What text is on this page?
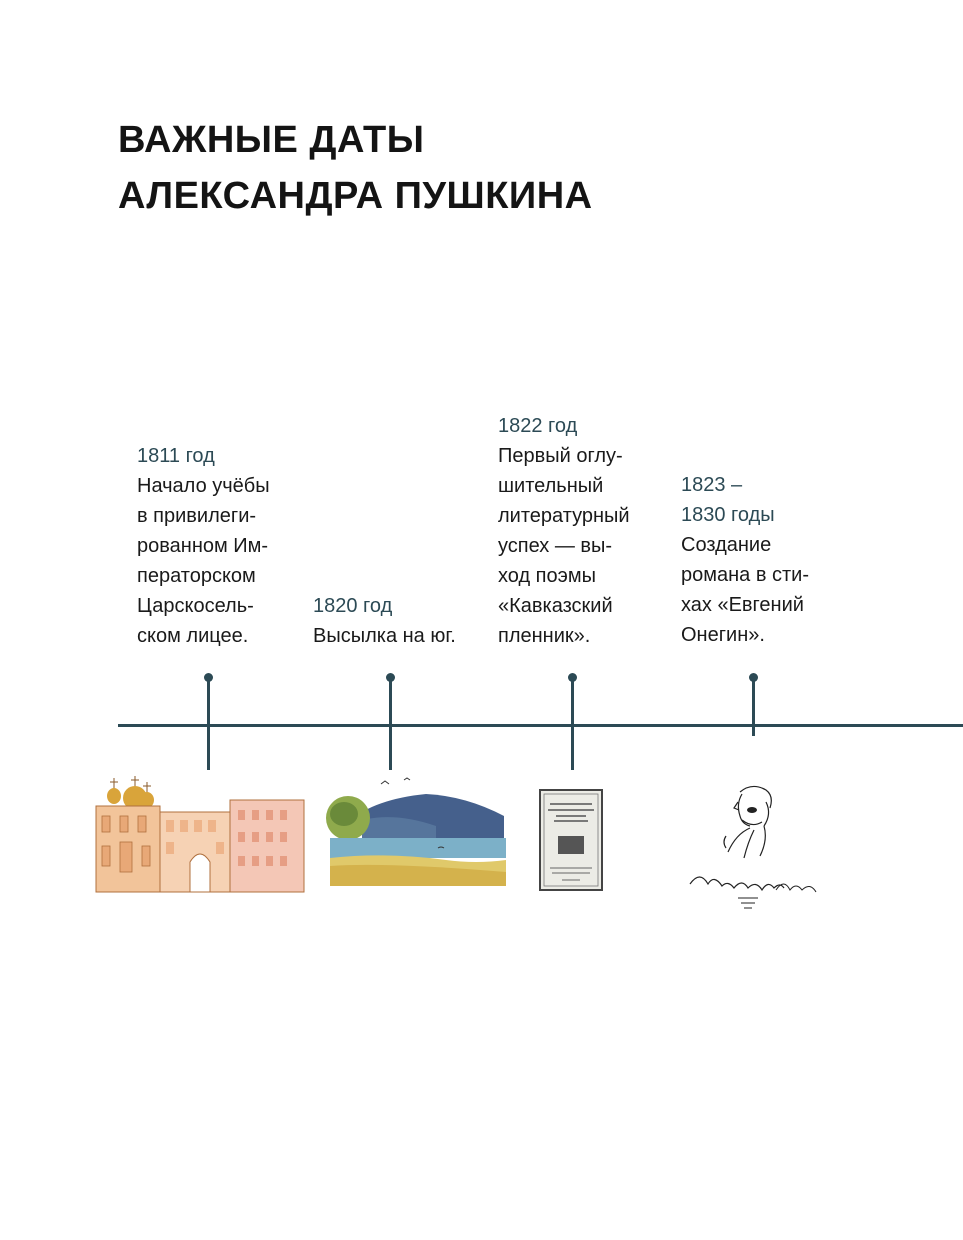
ВАЖНЫЕ ДАТЫ
АЛЕКСАНДРА ПУШКИНА
1811 год
Начало учёбы
в привилеги-
рованном Им-
ператорском
Царскосель-
ском лицее.
1820 год
Высылка на юг.
1822 год
Первый оглу-
шительный
литературный
успех — вы-
ход поэмы
«Кавказский
пленник».
1823 –
1830 годы
Создание
романа в сти-
хах «Евгений
Онегин».
